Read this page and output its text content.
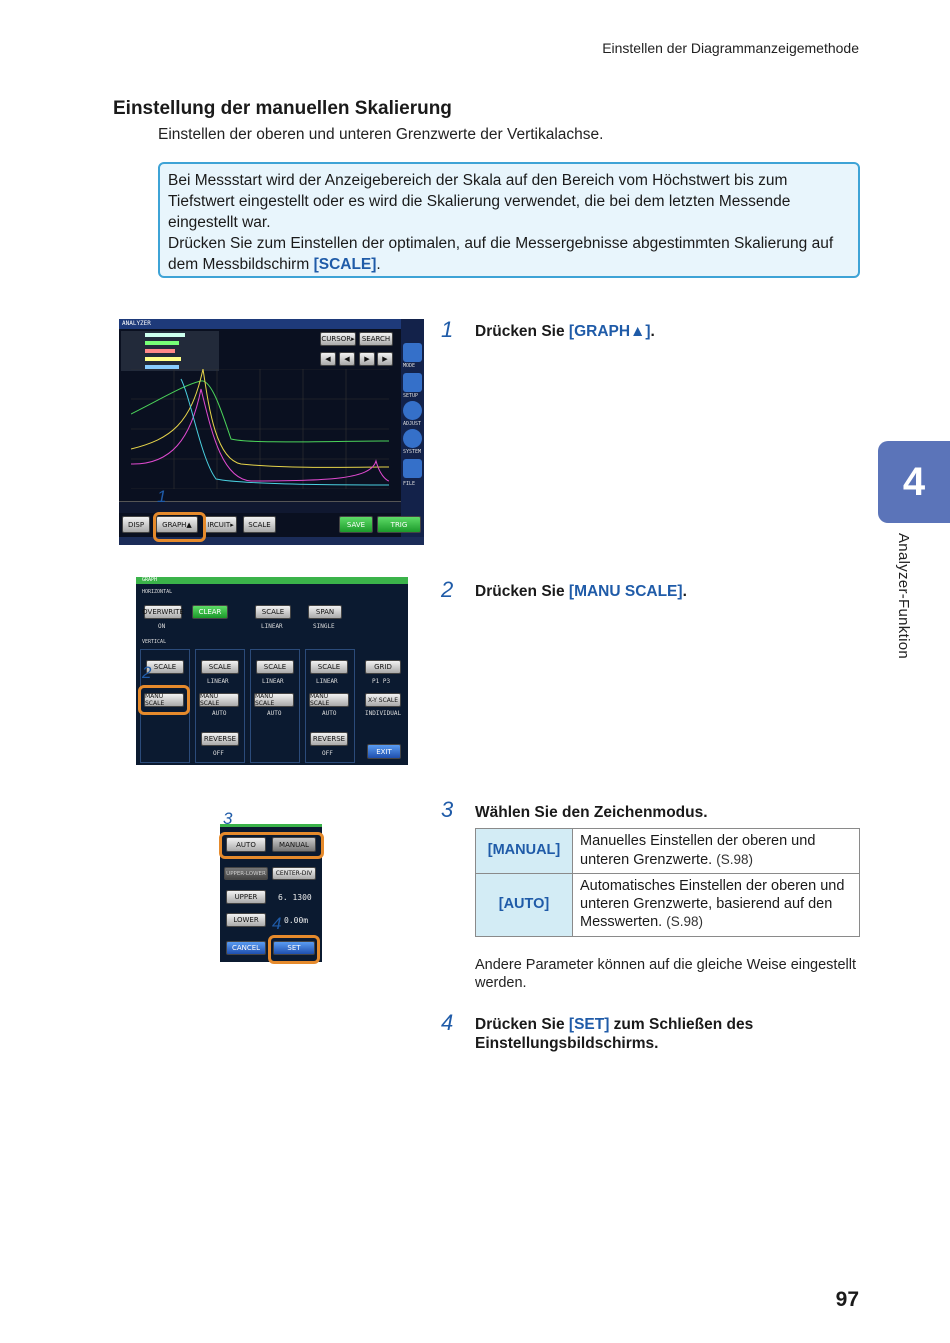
Einstellen der Diagrammanzeigemethode
Einstellung der manuellen Skalierung
Einstellen der oberen und unteren Grenzwerte der Vertikalachse.
Bei Messstart wird der Anzeigebereich der Skala auf den Bereich vom Höchstwert bis zum
Tiefstwert eingestellt oder es wird die Skalierung verwendet, die bei dem letzten Messende
eingestellt war.
Drücken Sie zum Einstellen der optimalen, auf die Messergebnisse abgestimmten Skalierung auf
dem Messbildschirm [SCALE].
4
Analyzer-Funktion
ANALYZER
CURSOR▸	SEARCH
◀	◀	▶	▶
MODE
SETUP
ADJUST
SYSTEM
FILE
DISP	GRAPH▲	IRCUIT▸	SCALE	SAVE	TRIG
1
GRAPH
HORIZONTAL
OVERWRITE
ON
CLEAR	SCALE
LINEAR
SPAN
SINGLE
VERTICAL
SCALE	SCALE
LINEAR
SCALE
LINEAR
SCALE
LINEAR
GRID
P1 P3
MANU SCALE
MANU SCALE
AUTO
MANU SCALE
AUTO
MANU SCALE
AUTO
X-Y SCALE
INDIVIDUAL
REVERSE
OFF
REVERSE
OFF	EXIT
2
AUTO	MANUAL
UPPER-LOWER	CENTER-DIV
UPPER	6. 1300
LOWER	0.00m
CANCEL	SET
3
4
1 Drücken Sie [GRAPH▲].
2 Drücken Sie [MANU SCALE].
3 Wählen Sie den Zeichenmodus.
[MANUAL]	Manuelles Einstellen der oberen und
unteren Grenzwerte. (S.98)

[AUTO]	Automatisches Einstellen der oberen und
unteren Grenzwerte, basierend auf den
Messwerten. (S.98)
Andere Parameter können auf die gleiche Weise eingestellt werden.
4 Drücken Sie [SET] zum Schließen des
Einstellungsbildschirms.
97
